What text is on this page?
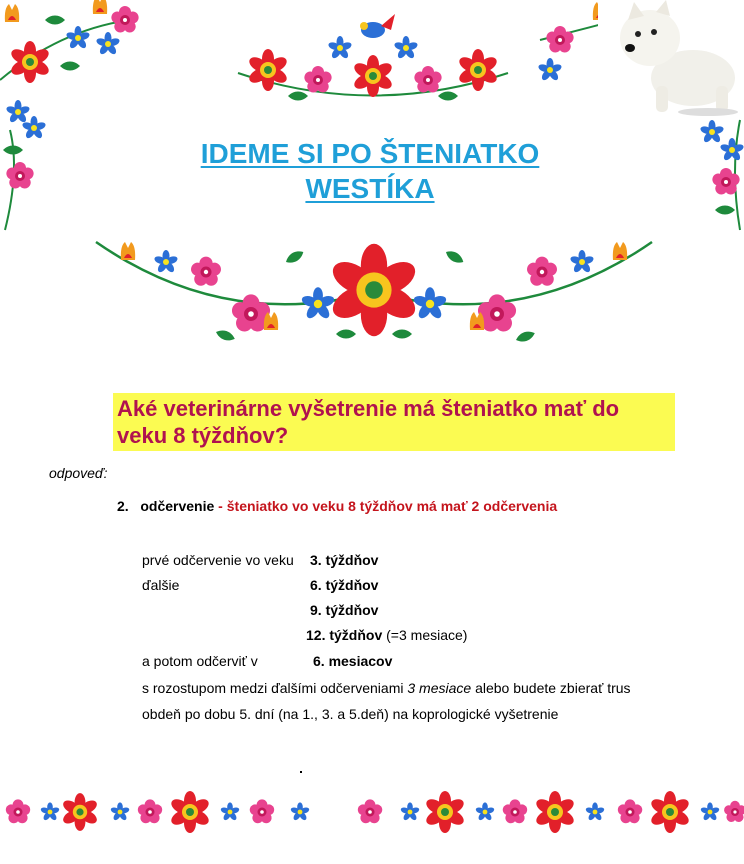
IDEME SI PO ŠTENIATKO
WESTÍKA
Aké veterinárne vyšetrenie má šteniatko mať do veku 8 týždňov?
odpoveď:
2. odčervenie - šteniatko vo veku 8 týždňov má mať 2 odčervenia
prvé odčervenie vo veku 3. týždňov
ďalšie	6. týždňov
9. týždňov
12. týždňov (=3 mesiace)
a potom odčerviť v	6. mesiacov
s rozostupom medzi ďalšími odčerveniami 3 mesiace alebo budete zbierať trus
obdeň po dobu 5. dní (na 1., 3. a 5.deň) na koprologické vyšetrenie
